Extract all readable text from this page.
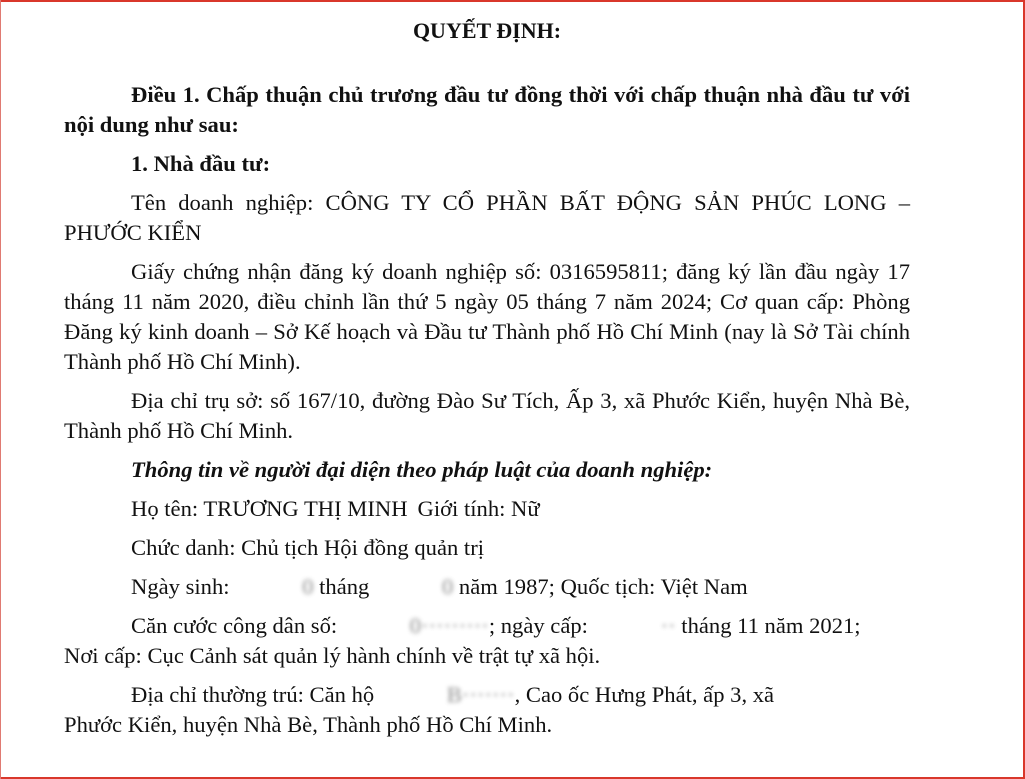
QUYẾT ĐỊNH:

Điều 1. Chấp thuận chủ trương đầu tư đồng thời với chấp thuận nhà đầu tư với nội dung như sau:

1. Nhà đầu tư:

Tên doanh nghiệp: CÔNG TY CỔ PHẦN BẤT ĐỘNG SẢN PHÚC LONG – PHƯỚC KIỂN

Giấy chứng nhận đăng ký doanh nghiệp số: 0316595811; đăng ký lần đầu ngày 17 tháng 11 năm 2020, điều chỉnh lần thứ 5 ngày 05 tháng 7 năm 2024; Cơ quan cấp: Phòng Đăng ký kinh doanh – Sở Kế hoạch và Đầu tư Thành phố Hồ Chí Minh (nay là Sở Tài chính Thành phố Hồ Chí Minh).

Địa chỉ trụ sở: số 167/10, đường Đào Sư Tích, Ấp 3, xã Phước Kiển, huyện Nhà Bè, Thành phố Hồ Chí Minh.

Thông tin về người đại diện theo pháp luật của doanh nghiệp:

Họ tên: TRƯƠNG THỊ MINH Giới tính: Nữ

Chức danh: Chủ tịch Hội đồng quản trị

Ngày sinh:	0 tháng	0 năm 1987; Quốc tịch: Việt Nam

Căn cước công dân số:	0·········; ngày cấp:	·· tháng 11 năm 2021;
Nơi cấp: Cục Cảnh sát quản lý hành chính về trật tự xã hội.

Địa chỉ thường trú: Căn hộ	B·······, Cao ốc Hưng Phát, ấp 3, xã
Phước Kiển, huyện Nhà Bè, Thành phố Hồ Chí Minh.
